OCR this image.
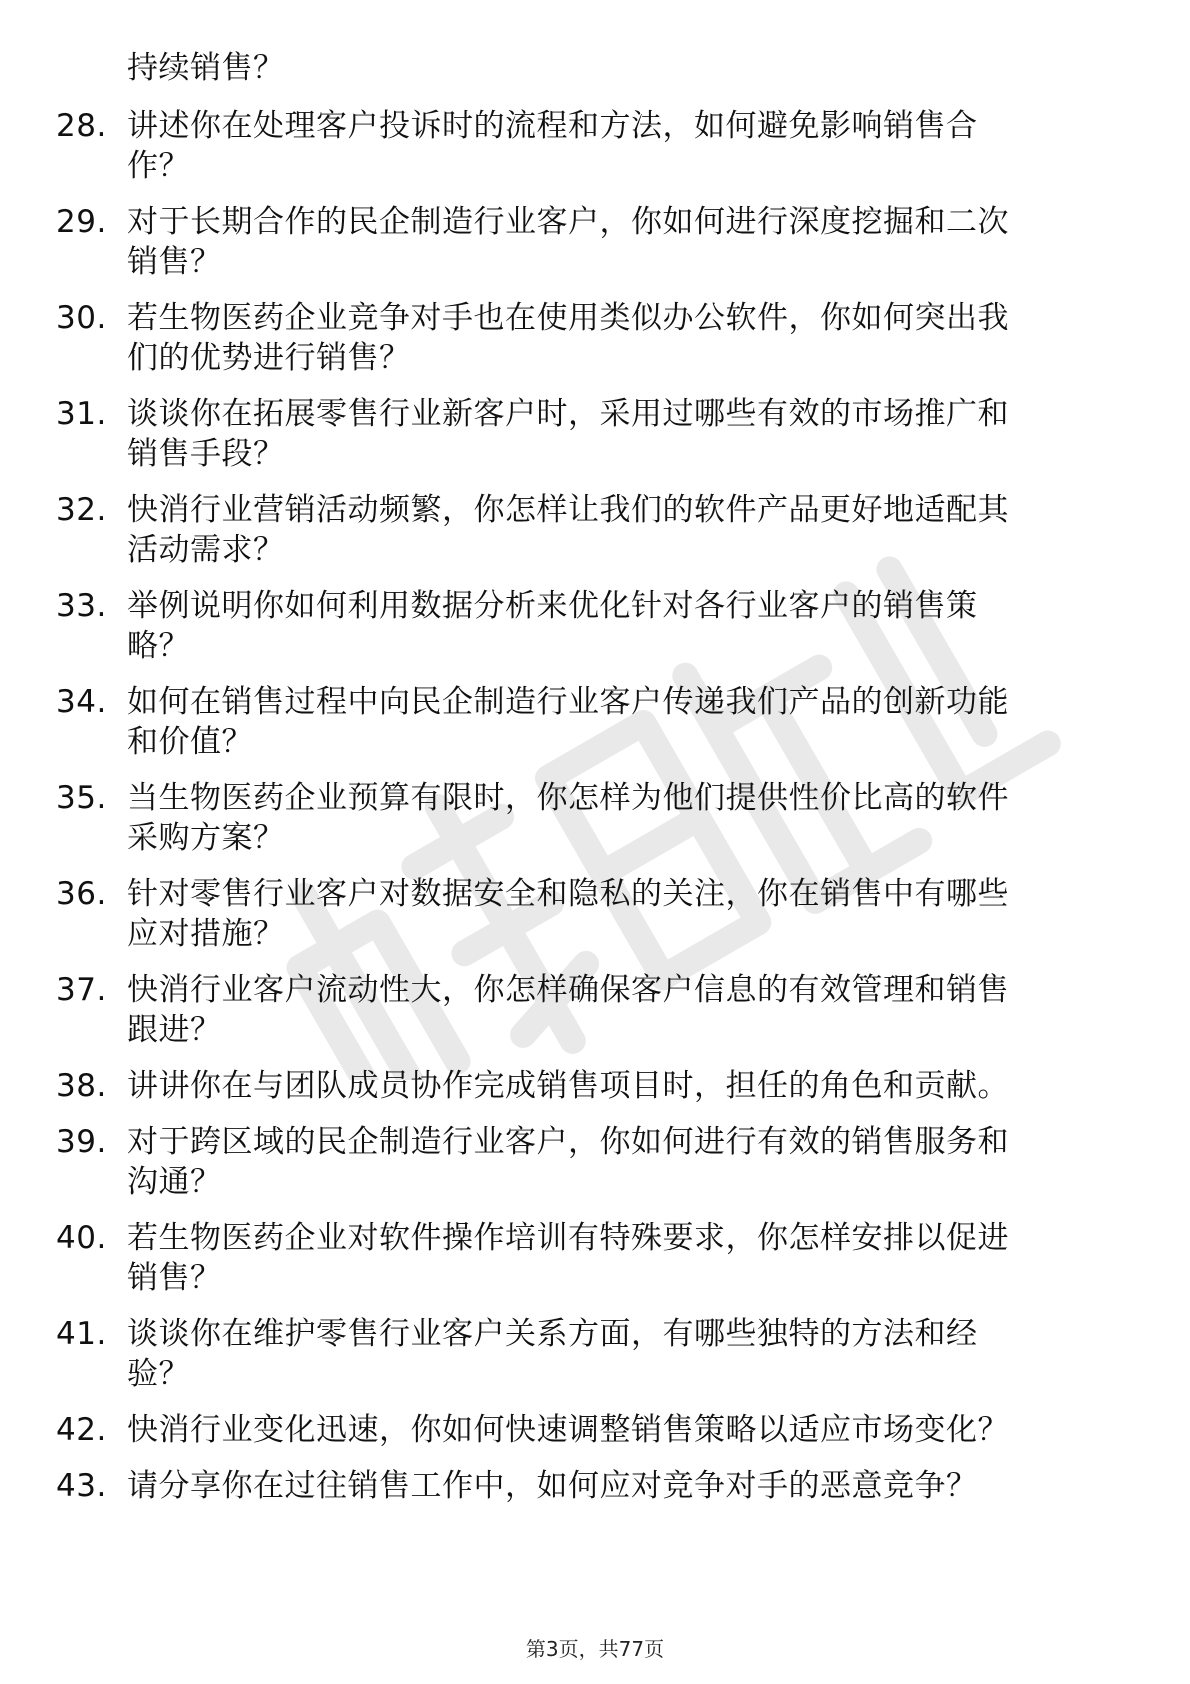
持续销售？
28. 讲述你在处理客户投诉时的流程和方法，如何避免影响销售合
作？
29. 对于长期合作的民企制造行业客户，你如何进行深度挖掘和二次
销售？
30. 若生物医药企业竞争对手也在使用类似办公软件，你如何突出我
们的优势进行销售？
31. 谈谈你在拓展零售行业新客户时，采用过哪些有效的市场推广和
销售手段？
32. 快消行业营销活动频繁，你怎样让我们的软件产品更好地适配其
活动需求？
33. 举例说明你如何利用数据分析来优化针对各行业客户的销售策
略？
34. 如何在销售过程中向民企制造行业客户传递我们产品的创新功能
和价值？
35. 当生物医药企业预算有限时，你怎样为他们提供性价比高的软件
采购方案？
36. 针对零售行业客户对数据安全和隐私的关注，你在销售中有哪些
应对措施？
37. 快消行业客户流动性大，你怎样确保客户信息的有效管理和销售
跟进？
38. 讲讲你在与团队成员协作完成销售项目时，担任的角色和贡献。
39. 对于跨区域的民企制造行业客户，你如何进行有效的销售服务和
沟通？
40. 若生物医药企业对软件操作培训有特殊要求，你怎样安排以促进
销售？
41. 谈谈你在维护零售行业客户关系方面，有哪些独特的方法和经
验？
42. 快消行业变化迅速，你如何快速调整销售策略以适应市场变化？
43. 请分享你在过往销售工作中，如何应对竞争对手的恶意竞争？
第3页，共77页
